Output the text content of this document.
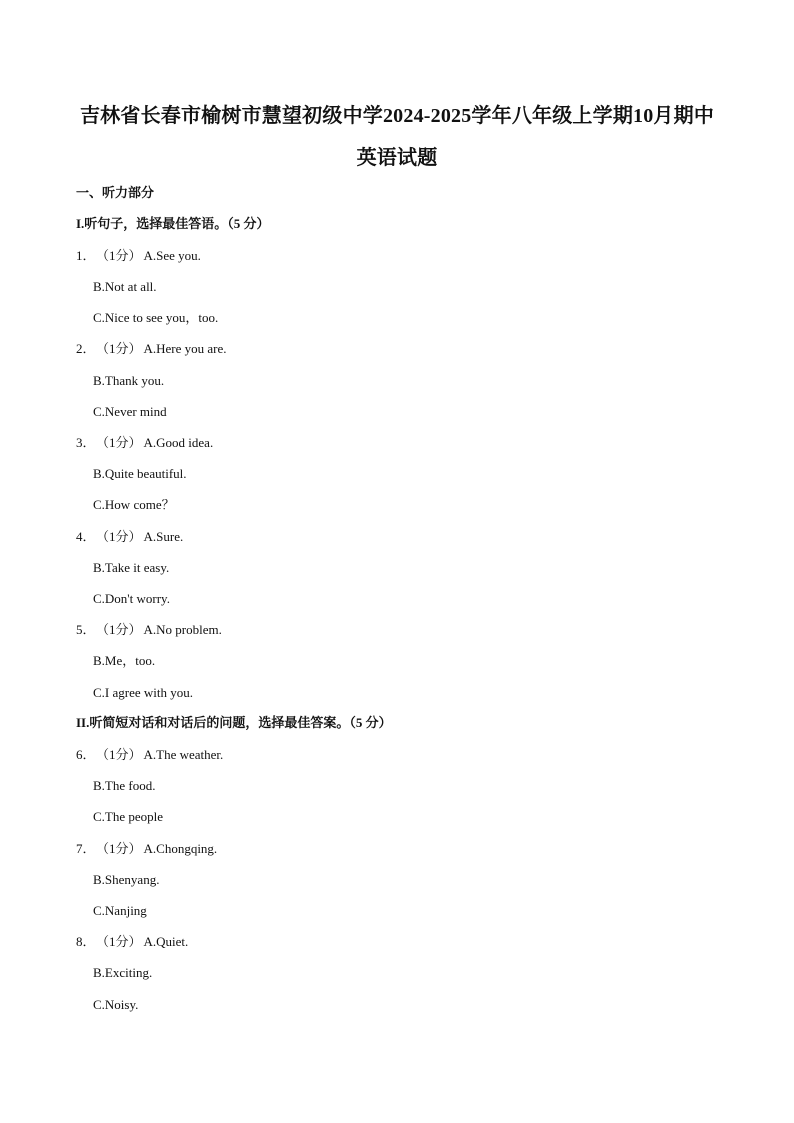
吉林省长春市榆树市慧望初级中学2024-2025学年八年级上学期10月期中
英语试题
一、听力部分
I.听句子，选择最佳答语。（5 分）
1．（1分） A.See you.
B.Not at all.
C.Nice to see you，too.
2．（1分） A.Here you are.
B.Thank you.
C.Never mind
3．（1分） A.Good idea.
B.Quite beautiful.
C.How come？
4．（1分） A.Sure.
B.Take it easy.
C.Don't worry.
5．（1分） A.No problem.
B.Me，too.
C.I agree with you.
II.听简短对话和对话后的问题，选择最佳答案。（5 分）
6．（1分） A.The weather.
B.The food.
C.The people
7．（1分） A.Chongqing.
B.Shenyang.
C.Nanjing
8．（1分） A.Quiet.
B.Exciting.
C.Noisy.
